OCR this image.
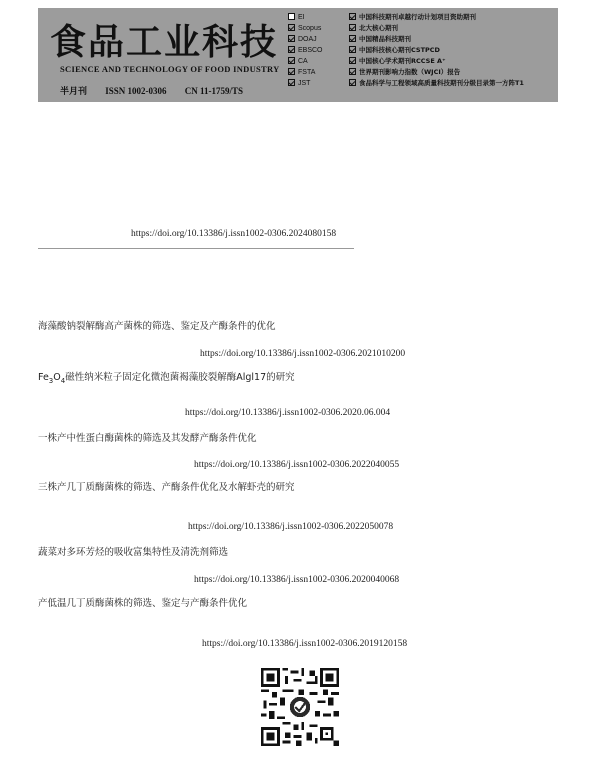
食品工业科技
SCIENCE AND TECHNOLOGY OF FOOD INDUSTRY
半月刊 ISSN 1002-0306 CN 11-1759/TS
EI
Scopus
DOAJ
EBSCO
CA
FSTA
JST
中国科技期刊卓越行动计划项目资助期刊
北大核心期刊
中国精品科技期刊
中国科技核心期刊CSTPCD
中国核心学术期刊RCCSE A⁺
世界期刊影响力指数（WJCI）报告
食品科学与工程领域高质量科技期刊分级目录第一方阵T1
https://doi.org/10.13386/j.issn1002-0306.2024080158
海藻酸钠裂解酶高产菌株的筛选、鉴定及产酶条件的优化
https://doi.org/10.13386/j.issn1002-0306.2021010200
$Fe_3O_4$磁性纳米粒子固定化微泡菌褐藻胶裂解酶Algl17的研究
https://doi.org/10.13386/j.issn1002-0306.2020.06.004
一株产中性蛋白酶菌株的筛选及其发酵产酶条件优化
https://doi.org/10.13386/j.issn1002-0306.2022040055
三株产几丁质酶菌株的筛选、产酶条件优化及水解虾壳的研究
https://doi.org/10.13386/j.issn1002-0306.2022050078
蔬菜对多环芳烃的吸收富集特性及清洗剂筛选
https://doi.org/10.13386/j.issn1002-0306.2020040068
产低温几丁质酶菌株的筛选、鉴定与产酶条件优化
https://doi.org/10.13386/j.issn1002-0306.2019120158
